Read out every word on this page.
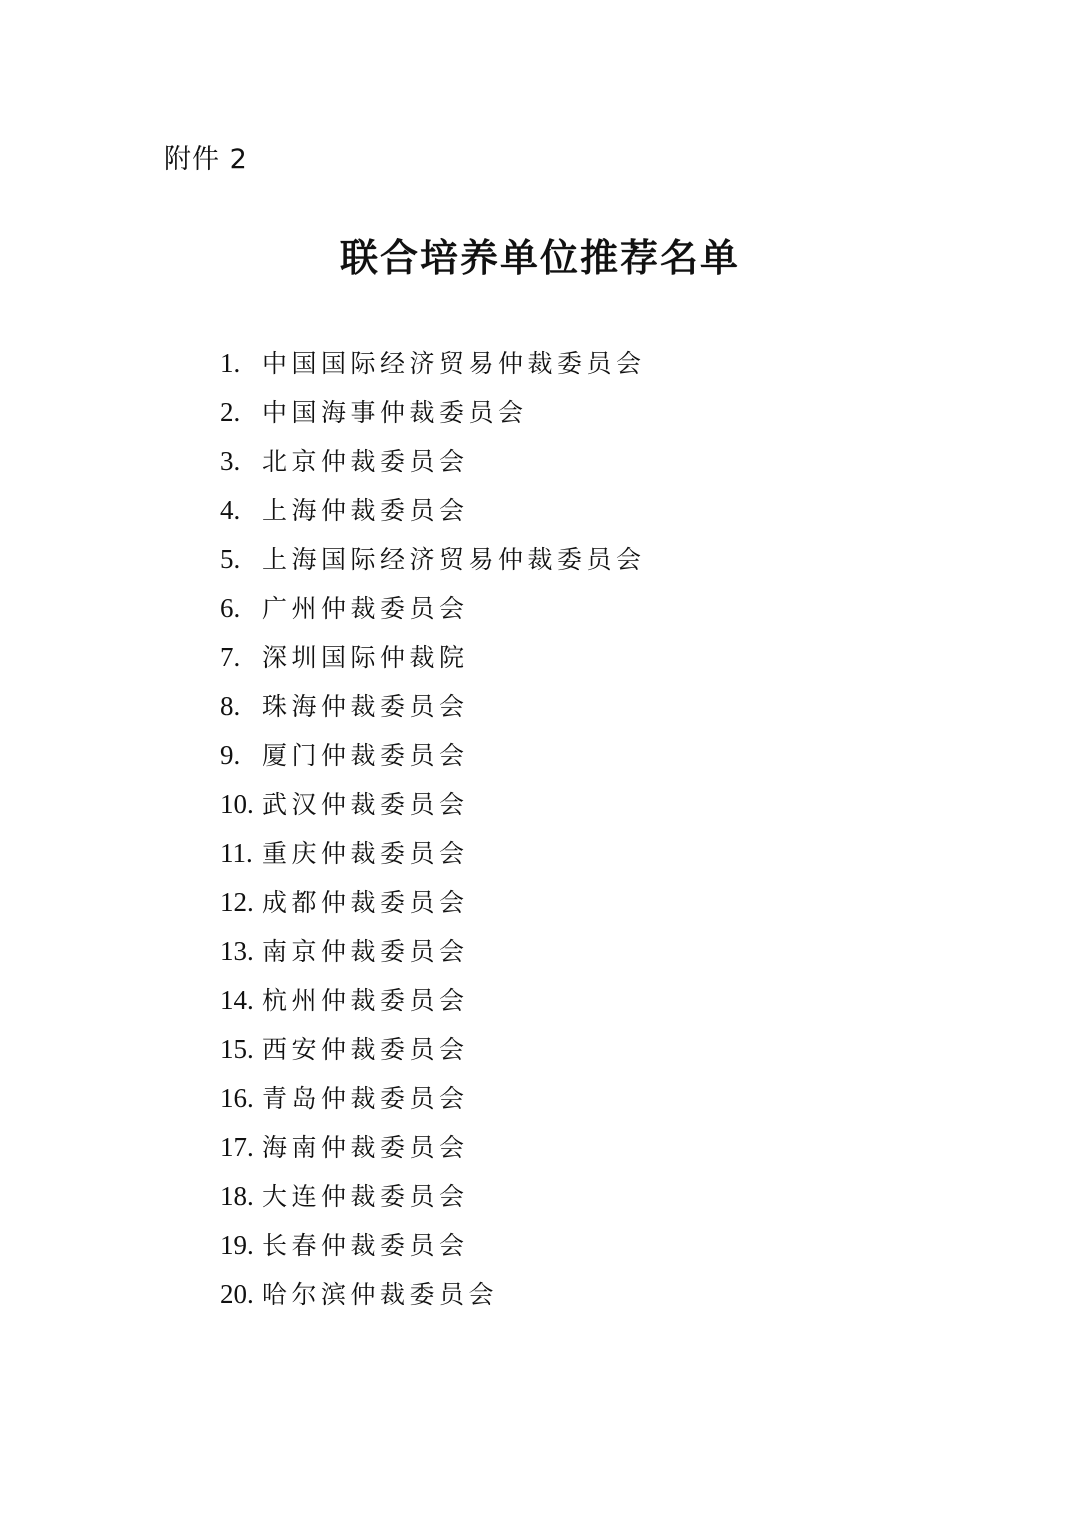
附件 2
联合培养单位推荐名单
1. 中国国际经济贸易仲裁委员会
2. 中国海事仲裁委员会
3. 北京仲裁委员会
4. 上海仲裁委员会
5. 上海国际经济贸易仲裁委员会
6. 广州仲裁委员会
7. 深圳国际仲裁院
8. 珠海仲裁委员会
9. 厦门仲裁委员会
10. 武汉仲裁委员会
11. 重庆仲裁委员会
12. 成都仲裁委员会
13. 南京仲裁委员会
14. 杭州仲裁委员会
15. 西安仲裁委员会
16. 青岛仲裁委员会
17. 海南仲裁委员会
18. 大连仲裁委员会
19. 长春仲裁委员会
20. 哈尔滨仲裁委员会
